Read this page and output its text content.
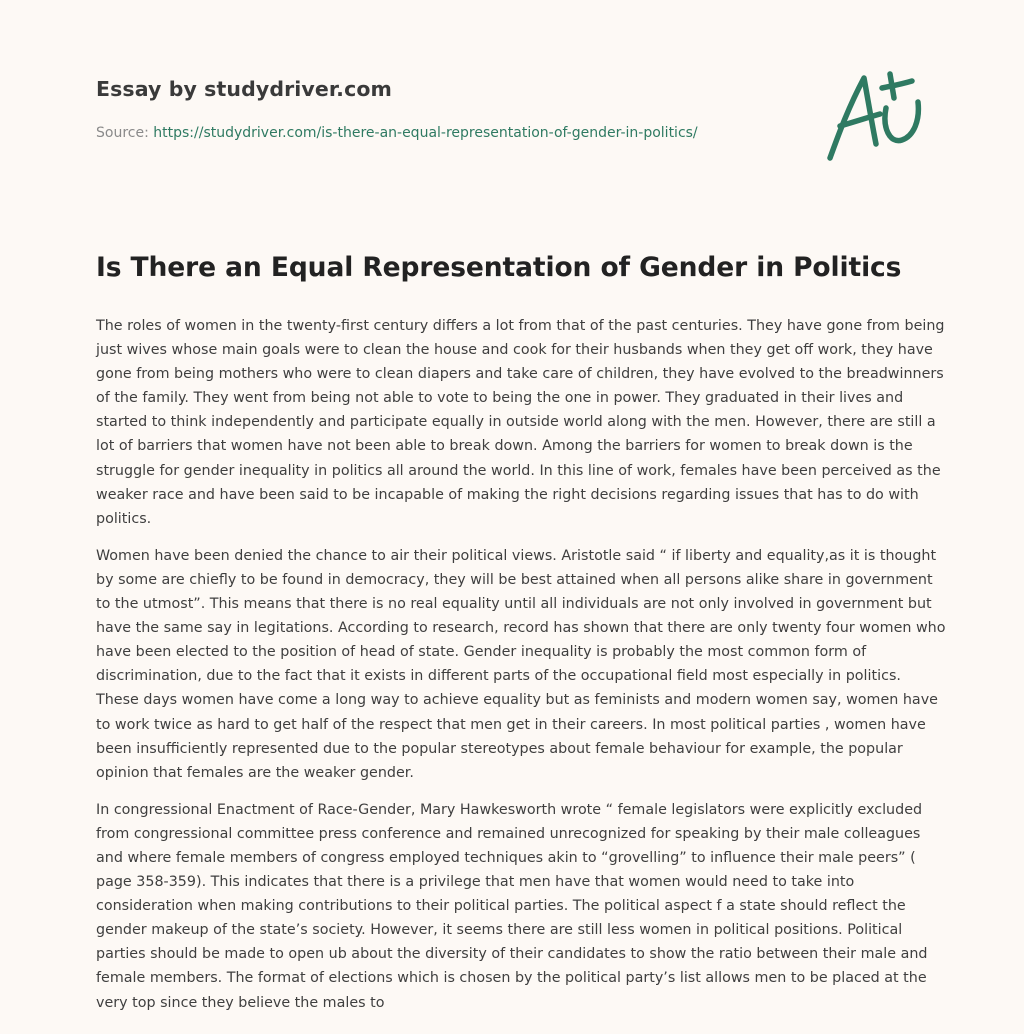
Essay by studydriver.com
Source: https://studydriver.com/is-there-an-equal-representation-of-gender-in-politics/
Is There an Equal Representation of Gender in Politics

The roles of women in the twenty-first century differs a lot from that of the past centuries. They have gone from being just wives whose main goals were to clean the house and cook for their husbands when they get off work, they have gone from being mothers who were to clean diapers and take care of children, they have evolved to the breadwinners of the family. They went from being not able to vote to being the one in power. They graduated in their lives and started to think independently and participate equally in outside world along with the men. However, there are still a lot of barriers that women have not been able to break down. Among the barriers for women to break down is the struggle for gender inequality in politics all around the world. In this line of work, females have been perceived as the weaker race and have been said to be incapable of making the right decisions regarding issues that has to do with politics.

Women have been denied the chance to air their political views. Aristotle said “ if liberty and equality,as it is thought by some are chiefly to be found in democracy, they will be best attained when all persons alike share in government to the utmost”. This means that there is no real equality until all individuals are not only involved in government but have the same say in legitations. According to research, record has shown that there are only twenty four women who have been elected to the position of head of state. Gender inequality is probably the most common form of discrimination, due to the fact that it exists in different parts of the occupational field most especially in politics. These days women have come a long way to achieve equality but as feminists and modern women say, women have to work twice as hard to get half of the respect that men get in their careers. In most political parties , women have been insufficiently represented due to the popular stereotypes about female behaviour for example, the popular opinion that females are the weaker gender.

In congressional Enactment of Race-Gender, Mary Hawkesworth wrote “ female legislators were explicitly excluded from congressional committee press conference and remained unrecognized for speaking by their male colleagues and where female members of congress employed techniques akin to “grovelling” to influence their male peers” ( page 358-359). This indicates that there is a privilege that men have that women would need to take into consideration when making contributions to their political parties. The political aspect f a state should reflect the gender makeup of the state’s society. However, it seems there are still less women in political positions. Political parties should be made to open ub about the diversity of their candidates to show the ratio between their male and female members. The format of elections which is chosen by the political party’s list allows men to be placed at the very top since they believe the males to
